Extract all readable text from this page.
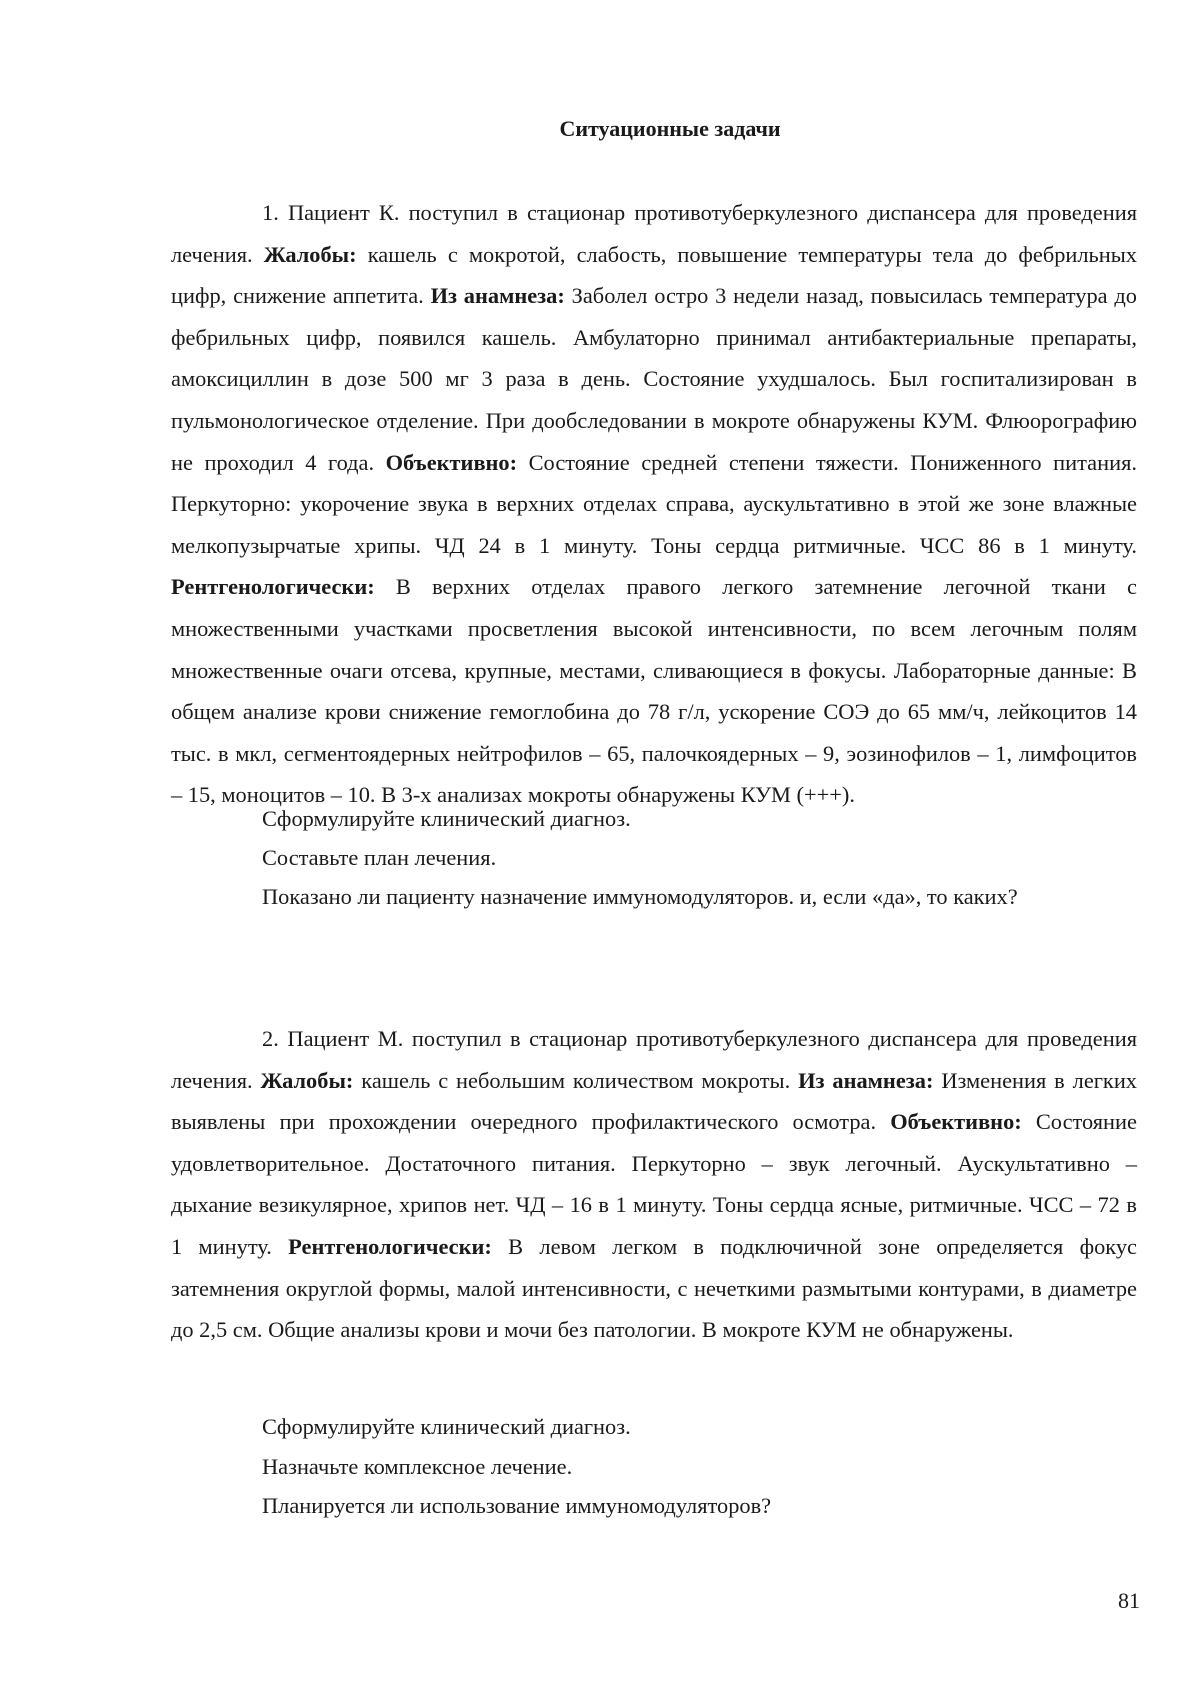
Ситуационные задачи

1. Пациент К. поступил в стационар противотуберкулезного диспансера для проведения лечения. Жалобы: кашель с мокротой, слабость, повышение температуры тела до фебрильных цифр, снижение аппетита. Из анамнеза: Заболел остро 3 недели назад, повысилась температура до фебрильных цифр, появился кашель. Амбулаторно принимал антибактериальные препараты, амоксициллин в дозе 500 мг 3 раза в день. Состояние ухудшалось. Был госпитализирован в пульмонологическое отделение. При дообследовании в мокроте обнаружены КУМ. Флюорографию не проходил 4 года. Объективно: Состояние средней степени тяжести. Пониженного питания. Перкуторно: укорочение звука в верхних отделах справа, аускультативно в этой же зоне влажные мелкопузырчатые хрипы. ЧД 24 в 1 минуту. Тоны сердца ритмичные. ЧСС 86 в 1 минуту. Рентгенологически: В верхних отделах правого легкого затемнение легочной ткани с множественными участками просветления высокой интенсивности, по всем легочным полям множественные очаги отсева, крупные, местами, сливающиеся в фокусы. Лабораторные данные: В общем анализе крови снижение гемоглобина до 78 г/л, ускорение СОЭ до 65 мм/ч, лейкоцитов 14 тыс. в мкл, сегментоядерных нейтрофилов – 65, палочкоядерных – 9, эозинофилов – 1, лимфоцитов – 15, моноцитов – 10. В 3-х анализах мокроты обнаружены КУМ (+++).

Сформулируйте клинический диагноз.

Составьте план лечения.

Показано ли пациенту назначение иммуномодуляторов. и, если «да», то каких?

2. Пациент М. поступил в стационар противотуберкулезного диспансера для проведения лечения. Жалобы: кашель с небольшим количеством мокроты. Из анамнеза: Изменения в легких выявлены при прохождении очередного профилактического осмотра. Объективно: Состояние удовлетворительное. Достаточного питания. Перкуторно – звук легочный. Аускультативно – дыхание везикулярное, хрипов нет. ЧД – 16 в 1 минуту. Тоны сердца ясные, ритмичные. ЧСС – 72 в 1 минуту. Рентгенологически: В левом легком в подключичной зоне определяется фокус затемнения округлой формы, малой интенсивности, с нечеткими размытыми контурами, в диаметре до 2,5 см. Общие анализы крови и мочи без патологии. В мокроте КУМ не обнаружены.

Сформулируйте клинический диагноз.

Назначьте комплексное лечение.

Планируется ли использование иммуномодуляторов?

81
